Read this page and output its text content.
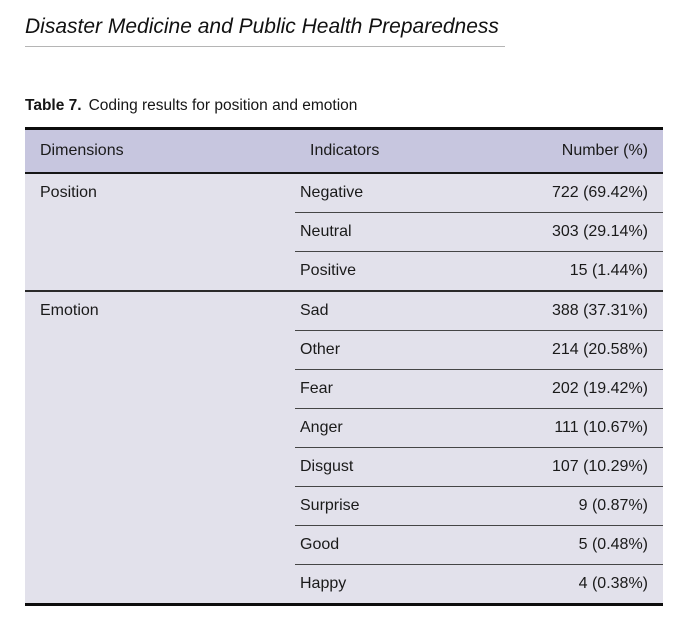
Disaster Medicine and Public Health Preparedness
Table 7. Coding results for position and emotion
Dimensions	Indicators	Number (%)
Position	Negative	722 (69.42%)
	Neutral	303 (29.14%)
	Positive	15 (1.44%)
Emotion	Sad	388 (37.31%)
	Other	214 (20.58%)
	Fear	202 (19.42%)
	Anger	111 (10.67%)
	Disgust	107 (10.29%)
	Surprise	9 (0.87%)
	Good	5 (0.48%)
	Happy	4 (0.38%)
